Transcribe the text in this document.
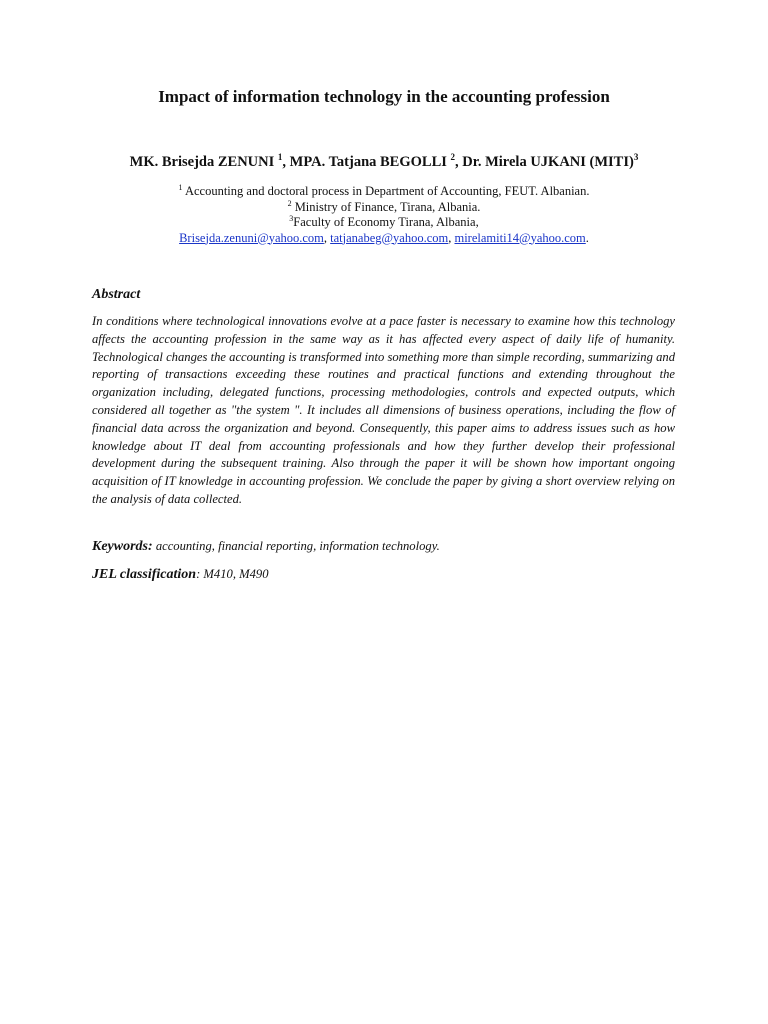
Impact of information technology in the accounting profession
MK. Brisejda ZENUNI $^1$, MPA. Tatjana BEGOLLI $^2$, Dr. Mirela UJKANI (MITI)$^3$
$^1$ Accounting and doctoral process in Department of Accounting, FEUT. Albanian.
$^2$ Ministry of Finance, Tirana, Albania.
$^3$Faculty of Economy Tirana, Albania,
Brisejda.zenuni@yahoo.com, tatjanabeg@yahoo.com, mirelamiti14@yahoo.com.
Abstract

In conditions where technological innovations evolve at a pace faster is necessary to examine how this technology affects the accounting profession in the same way as it has affected every aspect of daily life of humanity. Technological changes the accounting is transformed into something more than simple recording, summarizing and reporting of transactions exceeding these routines and practical functions and extending throughout the organization including, delegated functions, processing methodologies, controls and expected outputs, which considered all together as "the system ". It includes all dimensions of business operations, including the flow of financial data across the organization and beyond. Consequently, this paper aims to address issues such as how knowledge about IT deal from accounting professionals and how they further develop their professional development during the subsequent training. Also through the paper it will be shown how important ongoing acquisition of IT knowledge in accounting profession. We conclude the paper by giving a short overview relying on the analysis of data collected.

Keywords: accounting, financial reporting, information technology.
JEL classification: M410, M490
